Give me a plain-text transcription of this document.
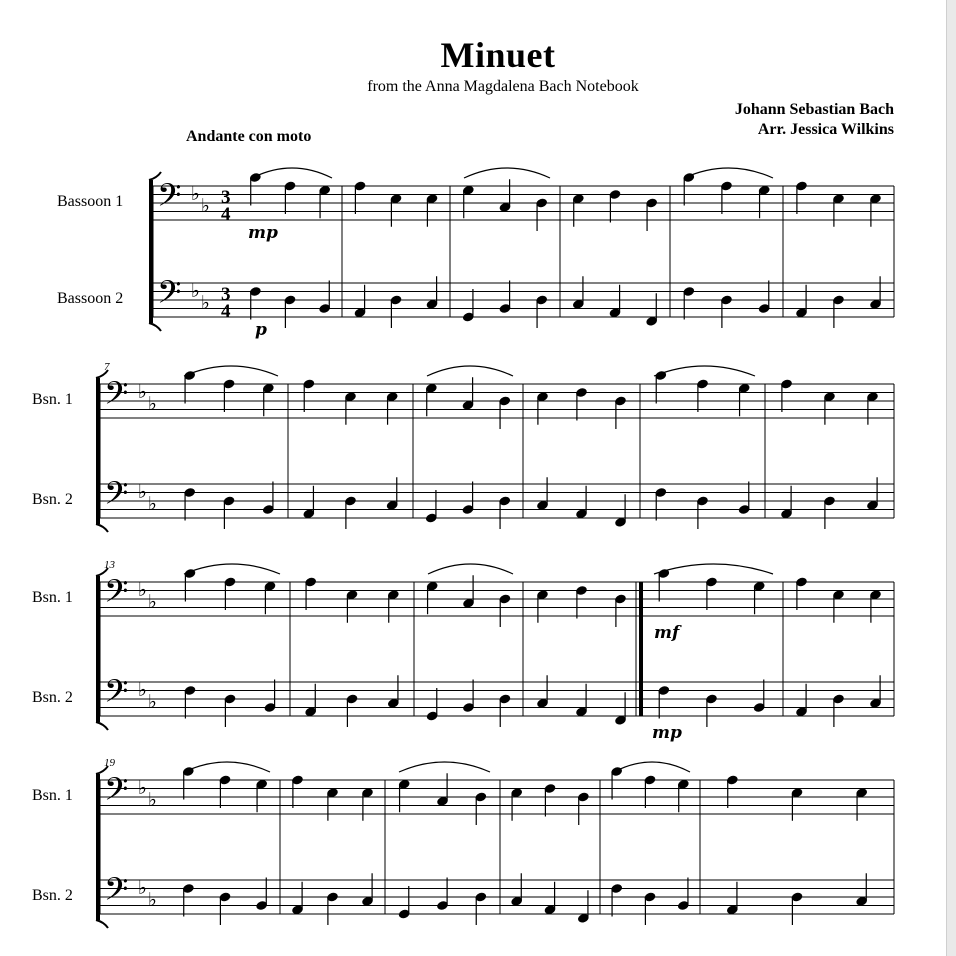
Minuet
from the Anna Magdalena Bach Notebook
Johann Sebastian Bach
Arr. Jessica Wilkins
Andante con moto
𝄢 ♭
♭
𝄢 ♭
♭
3
4
3
4
Bassoon 1
Bassoon 2
𝄢 ♭
♭
𝄢 ♭
♭
7
Bsn. 1
Bsn. 2
𝄢 ♭
♭
𝄢 ♭
♭
13
Bsn. 1
Bsn. 2
𝄢 ♭
♭
𝄢 ♭
♭
19
Bsn. 1
Bsn. 2
mp
p
mf
mp
